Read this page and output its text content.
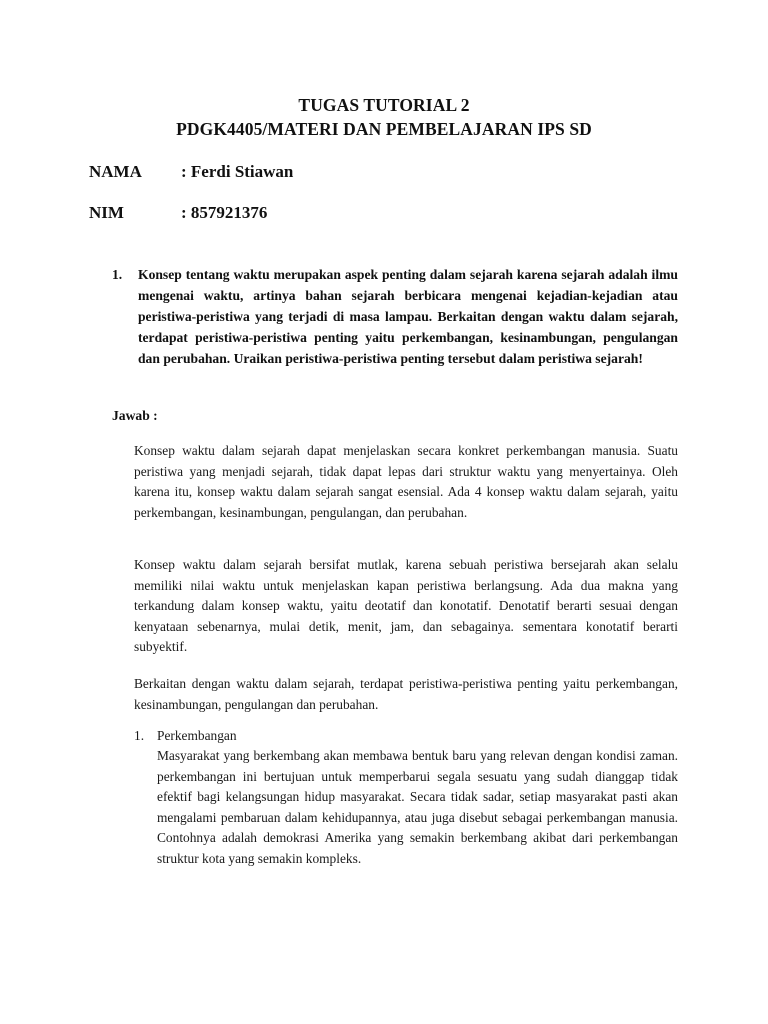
TUGAS TUTORIAL 2
PDGK4405/MATERI DAN PEMBELAJARAN IPS SD
NAMA : Ferdi Stiawan
NIM	: 857921376
1. Konsep tentang waktu merupakan aspek penting dalam sejarah karena sejarah adalah ilmu mengenai waktu, artinya bahan sejarah berbicara mengenai kejadian-kejadian atau peristiwa-peristiwa yang terjadi di masa lampau. Berkaitan dengan waktu dalam sejarah, terdapat peristiwa-peristiwa penting yaitu perkembangan, kesinambungan, pengulangan dan perubahan. Uraikan peristiwa-peristiwa penting tersebut dalam peristiwa sejarah!
Jawab :
Konsep waktu dalam sejarah dapat menjelaskan secara konkret perkembangan manusia. Suatu peristiwa yang menjadi sejarah, tidak dapat lepas dari struktur waktu yang menyertainya. Oleh karena itu, konsep waktu dalam sejarah sangat esensial. Ada 4 konsep waktu dalam sejarah, yaitu perkembangan, kesinambungan, pengulangan, dan perubahan.
Konsep waktu dalam sejarah bersifat mutlak, karena sebuah peristiwa bersejarah akan selalu memiliki nilai waktu untuk menjelaskan kapan peristiwa berlangsung. Ada dua makna yang terkandung dalam konsep waktu, yaitu deotatif dan konotatif. Denotatif berarti sesuai dengan kenyataan sebenarnya, mulai detik, menit, jam, dan sebagainya. sementara konotatif berarti subyektif.
Berkaitan dengan waktu dalam sejarah, terdapat peristiwa-peristiwa penting yaitu perkembangan, kesinambungan, pengulangan dan perubahan.
1. Perkembangan
Masyarakat yang berkembang akan membawa bentuk baru yang relevan dengan kondisi zaman. perkembangan ini bertujuan untuk memperbarui segala sesuatu yang sudah dianggap tidak efektif bagi kelangsungan hidup masyarakat. Secara tidak sadar, setiap masyarakat pasti akan mengalami pembaruan dalam kehidupannya, atau juga disebut sebagai perkembangan manusia. Contohnya adalah demokrasi Amerika yang semakin berkembang akibat dari perkembangan struktur kota yang semakin kompleks.
